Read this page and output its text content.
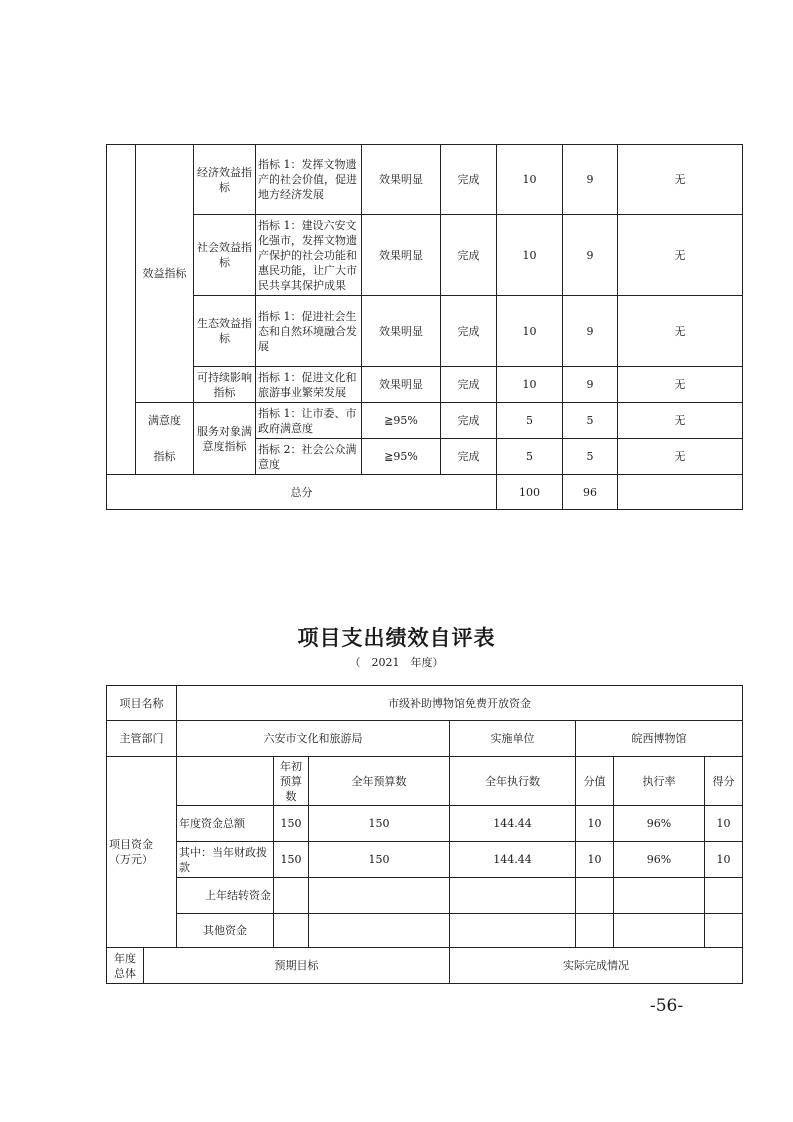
	效益指标	经济效益指标	指标 1：发挥文物遗产的社会价值，促进地方经济发展	效果明显	完成	10	9	无
		社会效益指标	指标 1：建设六安文化强市，发挥文物遗产保护的社会功能和惠民功能，让广大市民共享其保护成果	效果明显	完成	10	9	无
		生态效益指标	指标 1：促进社会生态和自然环境融合发展	效果明显	完成	10	9	无
		可持续影响指标	指标 1：促进文化和旅游事业繁荣发展	效果明显	完成	10	9	无
	满意度	服务对象满意度指标	指标 1：让市委、市政府满意度	≧95%	完成	5	5	无
	指标		指标 2：社会公众满意度	≧95%	完成	5	5	无
总分						100	96	
项目支出绩效自评表
（　2021　年度）
项目名称		市级补助博物馆免费开放资金						
主管部门		六安市文化和旅游局			实施单位	皖西博物馆		
项目资金（万元）			年初预算数	全年预算数	全年执行数	分值	执行率	得分
		年度资金总额	150	150	144.44	10	96%	10
		其中：当年财政拨款	150	150	144.44	10	96%	10
		上年结转资金						
		其他资金						
年度总体	预期目标				实际完成情况			
-56-
